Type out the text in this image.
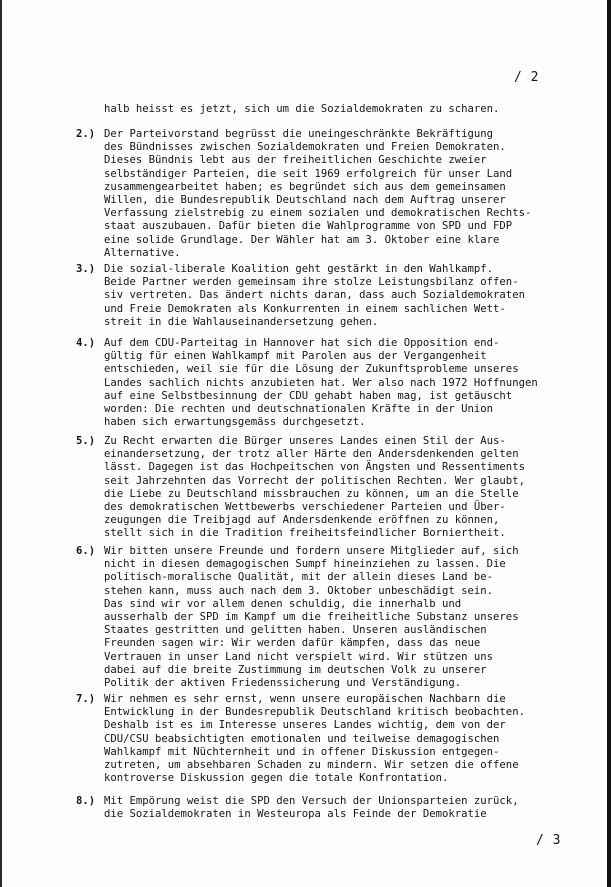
/ 2
halb heisst es jetzt, sich um die Sozialdemokraten zu scharen.
2.) Der Parteivorstand begrüsst die uneingeschränkte Bekräftigung
des Bündnisses zwischen Sozialdemokraten und Freien Demokraten.
Dieses Bündnis lebt aus der freiheitlichen Geschichte zweier
selbständiger Parteien, die seit 1969 erfolgreich für unser Land
zusammengearbeitet haben; es begründet sich aus dem gemeinsamen
Willen, die Bundesrepublik Deutschland nach dem Auftrag unserer
Verfassung zielstrebig zu einem sozialen und demokratischen Rechts-
staat auszubauen. Dafür bieten die Wahlprogramme von SPD und FDP
eine solide Grundlage. Der Wähler hat am 3. Oktober eine klare
Alternative.
3.) Die sozial-liberale Koalition geht gestärkt in den Wahlkampf.
Beide Partner werden gemeinsam ihre stolze Leistungsbilanz offen-
siv vertreten. Das ändert nichts daran, dass auch Sozialdemokraten
und Freie Demokraten als Konkurrenten in einem sachlichen Wett-
streit in die Wahlauseinandersetzung gehen.
4.) Auf dem CDU-Parteitag in Hannover hat sich die Opposition end-
gültig für einen Wahlkampf mit Parolen aus der Vergangenheit
entschieden, weil sie für die Lösung der Zukunftsprobleme unseres
Landes sachlich nichts anzubieten hat. Wer also nach 1972 Hoffnungen
auf eine Selbstbesinnung der CDU gehabt haben mag, ist getäuscht
worden: Die rechten und deutschnationalen Kräfte in der Union
haben sich erwartungsgemäss durchgesetzt.
5.) Zu Recht erwarten die Bürger unseres Landes einen Stil der Aus-
einandersetzung, der trotz aller Härte den Andersdenkenden gelten
lässt. Dagegen ist das Hochpeitschen von Ängsten und Ressentiments
seit Jahrzehnten das Vorrecht der politischen Rechten. Wer glaubt,
die Liebe zu Deutschland missbrauchen zu können, um an die Stelle
des demokratischen Wettbewerbs verschiedener Parteien und Über-
zeugungen die Treibjagd auf Andersdenkende eröffnen zu können,
stellt sich in die Tradition freiheitsfeindlicher Borniertheit.
6.) Wir bitten unsere Freunde und fordern unsere Mitglieder auf, sich
nicht in diesen demagogischen Sumpf hineinziehen zu lassen. Die
politisch-moralische Qualität, mit der allein dieses Land be-
stehen kann, muss auch nach dem 3. Oktober unbeschädigt sein.
Das sind wir vor allem denen schuldig, die innerhalb und
ausserhalb der SPD im Kampf um die freiheitliche Substanz unseres
Staates gestritten und gelitten haben. Unseren ausländischen
Freunden sagen wir: Wir werden dafür kämpfen, dass das neue
Vertrauen in unser Land nicht verspielt wird. Wir stützen uns
dabei auf die breite Zustimmung im deutschen Volk zu unserer
Politik der aktiven Friedenssicherung und Verständigung.
7.) Wir nehmen es sehr ernst, wenn unsere europäischen Nachbarn die
Entwicklung in der Bundesrepublik Deutschland kritisch beobachten.
Deshalb ist es im Interesse unseres Landes wichtig, dem von der
CDU/CSU beabsichtigten emotionalen und teilweise demagogischen
Wahlkampf mit Nüchternheit und in offener Diskussion entgegen-
zutreten, um absehbaren Schaden zu mindern. Wir setzen die offene
kontroverse Diskussion gegen die totale Konfrontation.
8.) Mit Empörung weist die SPD den Versuch der Unionsparteien zurück,
die Sozialdemokraten in Westeuropa als Feinde der Demokratie
/ 3
